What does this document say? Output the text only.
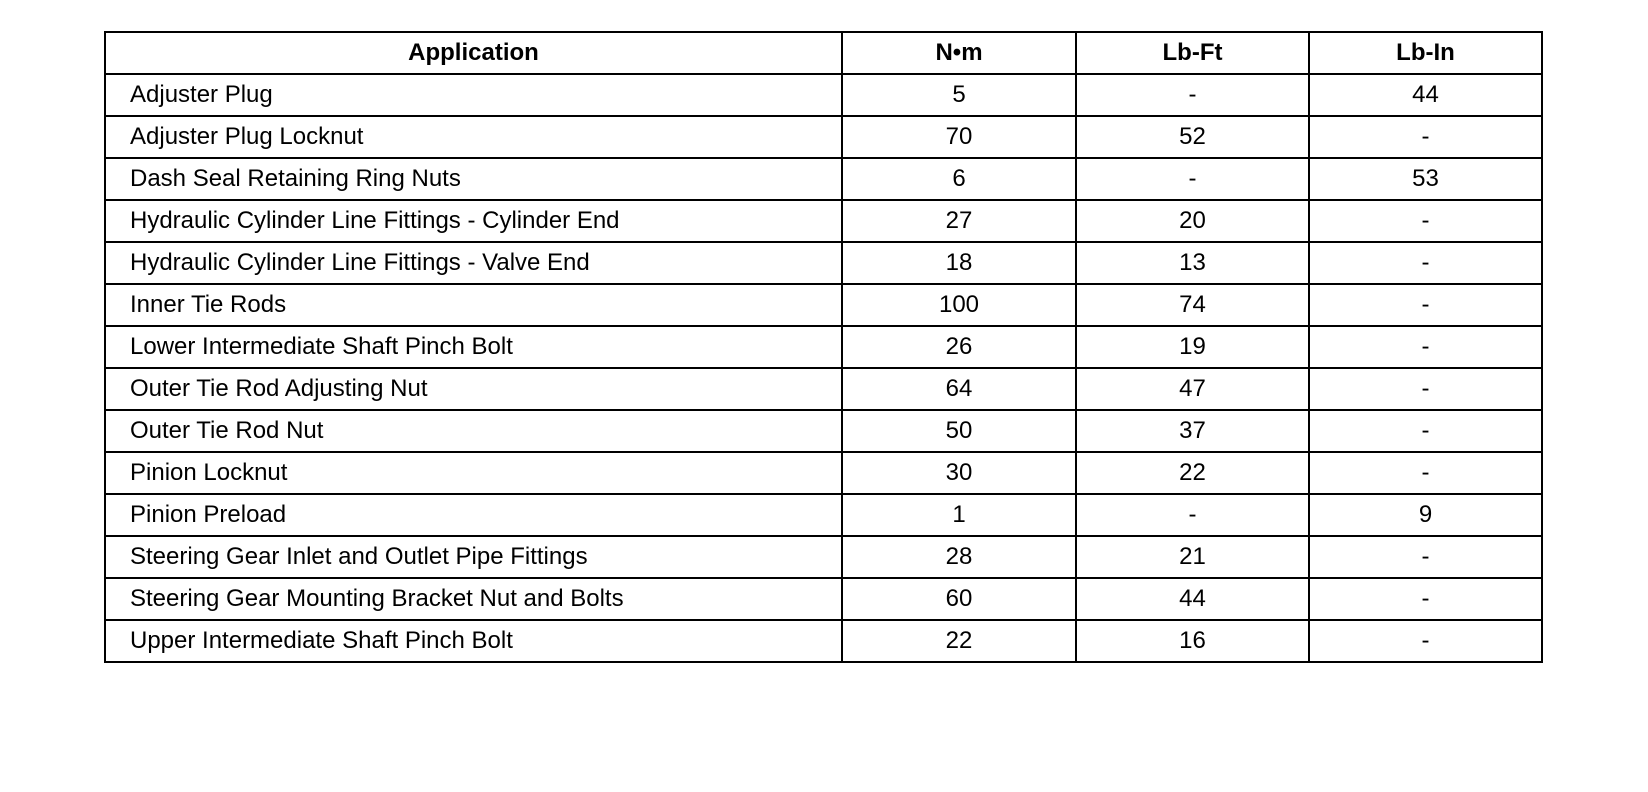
Application	N•m	Lb-Ft	Lb-In
Adjuster Plug	5	-	44
Adjuster Plug Locknut	70	52	-
Dash Seal Retaining Ring Nuts	6	-	53
Hydraulic Cylinder Line Fittings - Cylinder End	27	20	-
Hydraulic Cylinder Line Fittings - Valve End	18	13	-
Inner Tie Rods	100	74	-
Lower Intermediate Shaft Pinch Bolt	26	19	-
Outer Tie Rod Adjusting Nut	64	47	-
Outer Tie Rod Nut	50	37	-
Pinion Locknut	30	22	-
Pinion Preload	1	-	9
Steering Gear Inlet and Outlet Pipe Fittings	28	21	-
Steering Gear Mounting Bracket Nut and Bolts	60	44	-
Upper Intermediate Shaft Pinch Bolt	22	16	-
